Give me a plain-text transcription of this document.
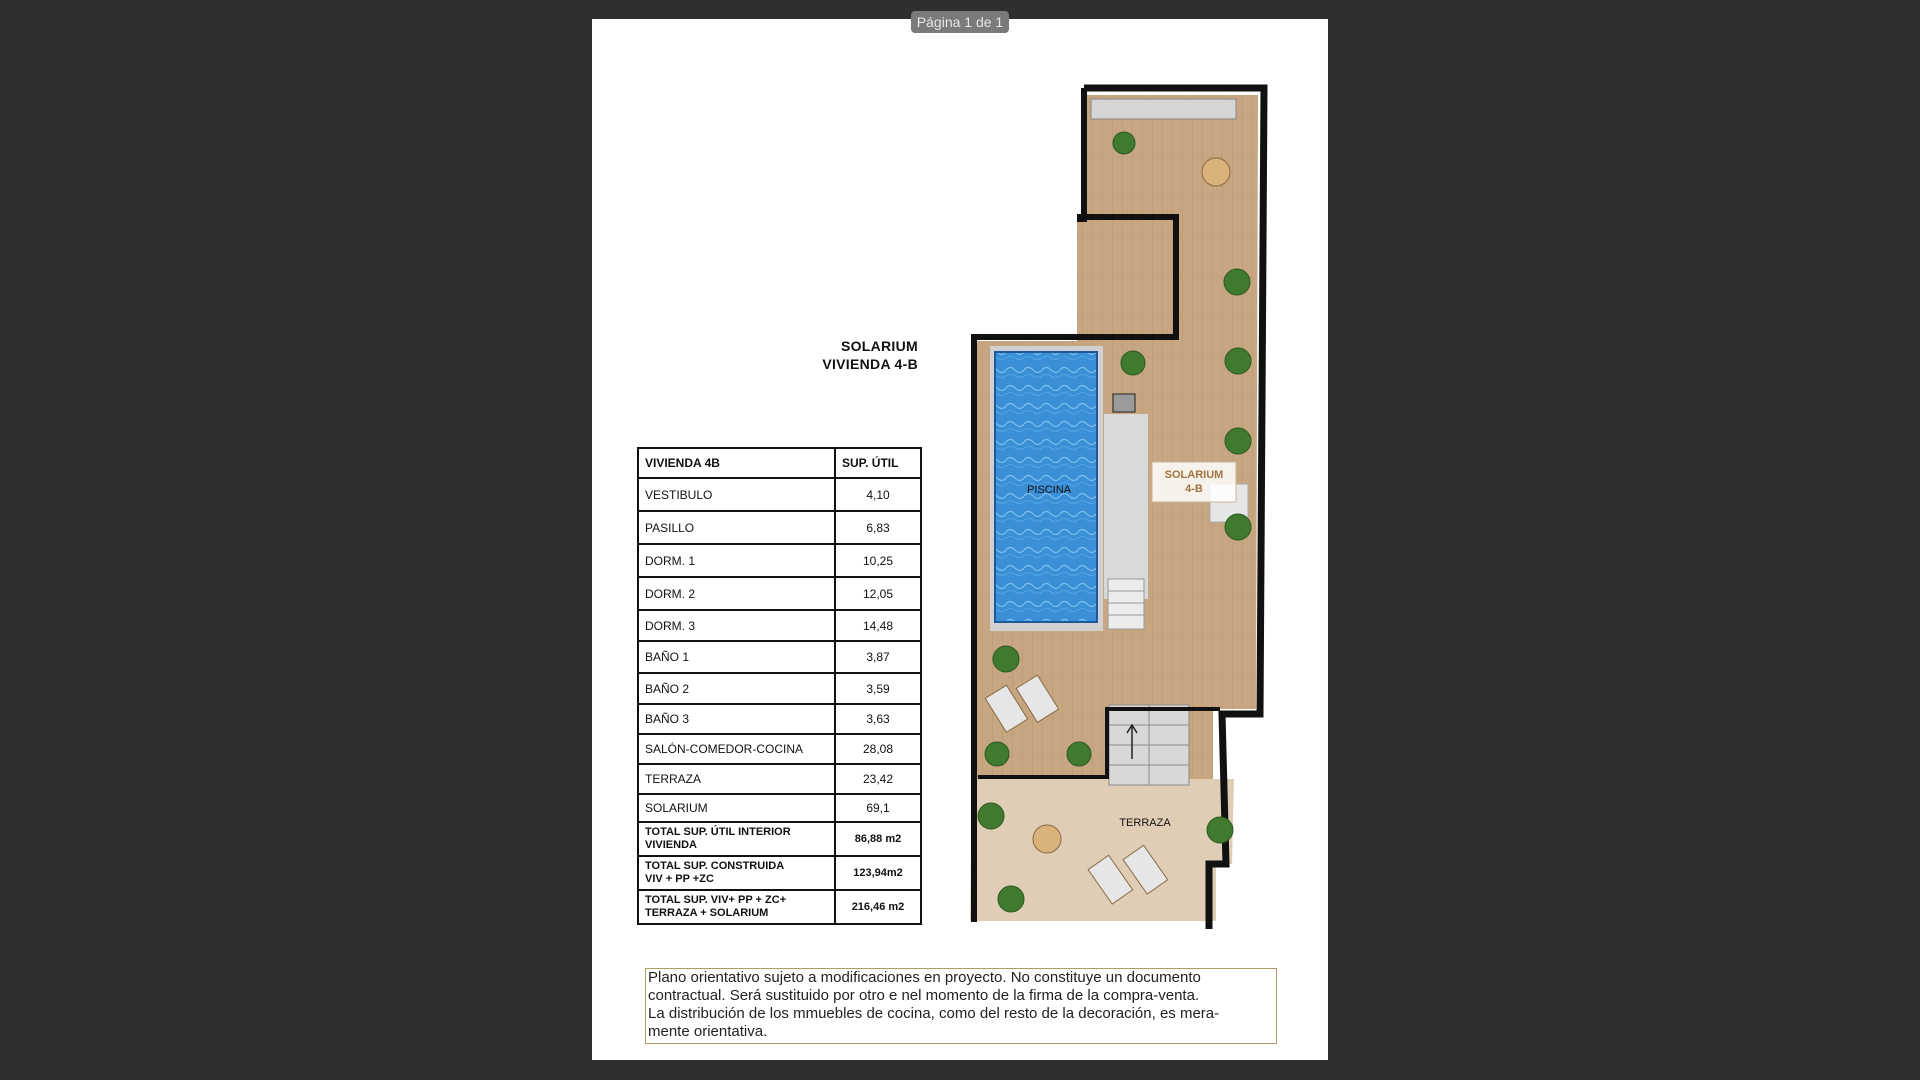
Página 1 de 1
SOLARIUM
VIVIENDA 4-B
VIVIENDA 4B	SUP. ÚTIL
VESTIBULO	4,10
PASILLO	6,83
DORM. 1	10,25
DORM. 2	12,05
DORM. 3	14,48
BAÑO 1	3,87
BAÑO 2	3,59
BAÑO 3	3,63
SALÓN-COMEDOR-COCINA	28,08
TERRAZA	23,42
SOLARIUM	69,1

TOTAL SUP. ÚTIL INTERIOR
VIVIENDA	86,88 m2

TOTAL SUP. CONSTRUIDA
VIV + PP +ZC	123,94m2

TOTAL SUP. VIV+ PP + ZC+
TERRAZA + SOLARIUM	216,46 m2
PISCINA
SOLARIUM
4-B
TERRAZA

Plano orientativo sujeto a modificaciones en proyecto. No constituye un documento

contractual. Será sustituido por otro e nel momento de la firma de la compra-venta.

La distribución de los mmuebles de cocina, como del resto de la decoración, es mera-

mente orientativa.
